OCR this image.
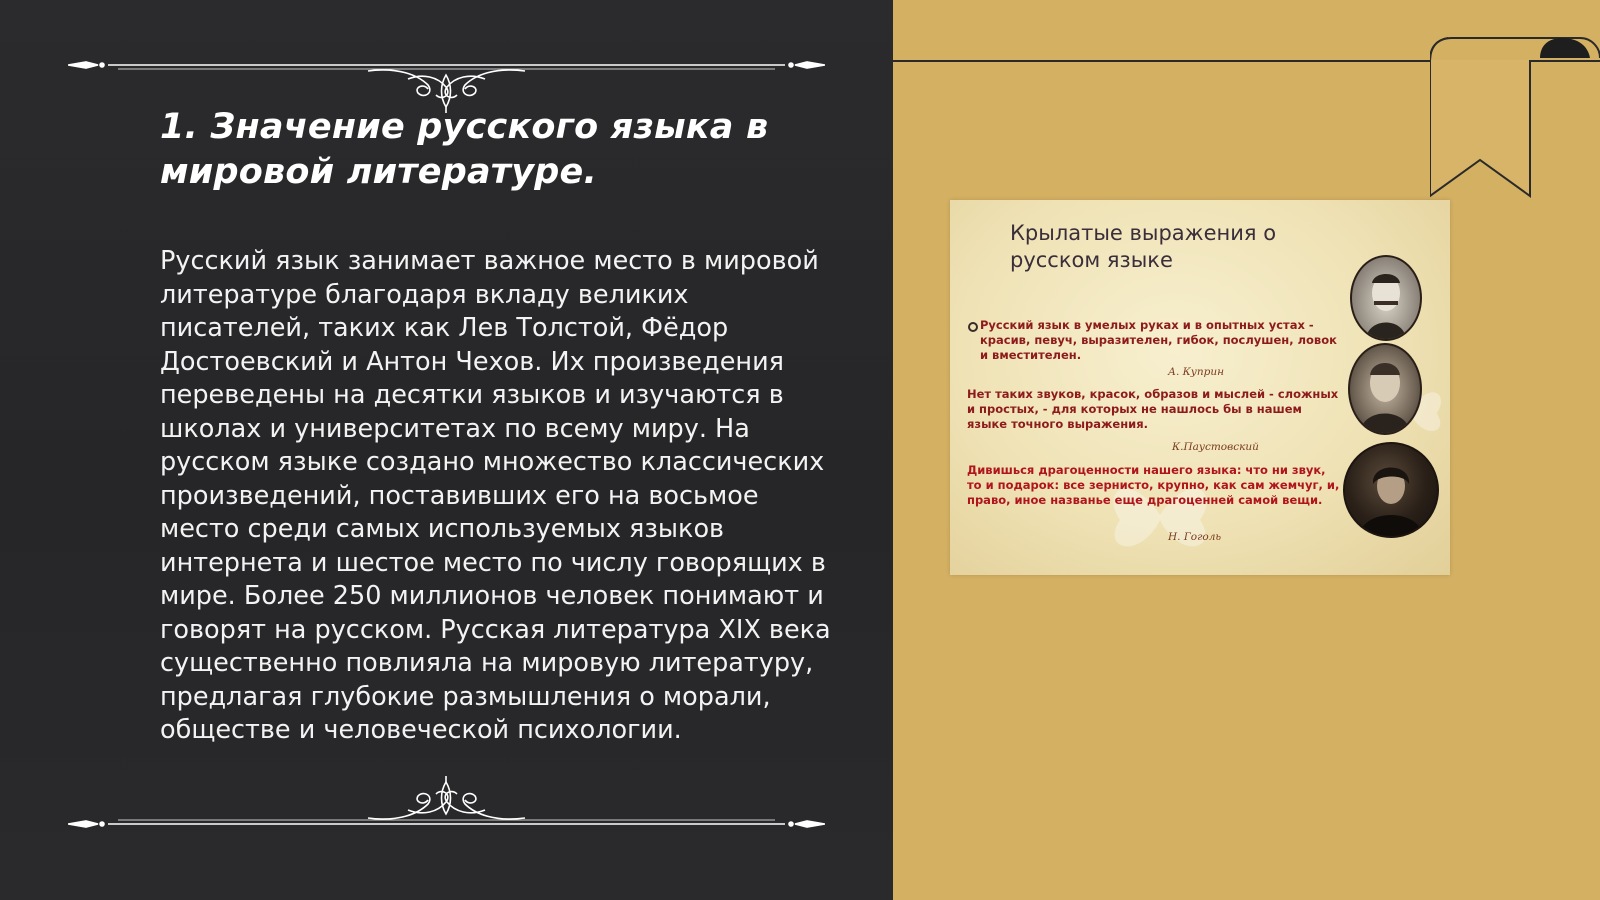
1. Значение русского языка в мировой литературе.

Русский язык занимает важное место в мировой литературе благодаря вкладу великих писателей, таких как Лев Толстой, Фёдор Достоевский и Антон Чехов. Их произведения переведены на десятки языков и изучаются в школах и университетах по всему миру. На русском языке создано множество классических произведений, поставивших его на восьмое место среди самых используемых языков интернета и шестое место по числу говорящих в мире. Более 250 миллионов человек понимают и говорят на русском. Русская литература XIX века существенно повлияла на мировую литературу, предлагая глубокие размышления о морали, обществе и человеческой психологии.

Крылатые выражения о русском языке
Русский язык в умелых руках и в опытных устах - красив, певуч, выразителен, гибок, послушен, ловок и вместителен.
А. Куприн
Нет таких звуков, красок, образов и мыслей - сложных и простых, - для которых не нашлось бы в нашем языке точного выражения.
К.Паустовский
Дивишься драгоценности нашего языка: что ни звук, то и подарок: все зернисто, крупно, как сам жемчуг, и, право, иное названье еще драгоценней самой вещи.
Н. Гоголь
